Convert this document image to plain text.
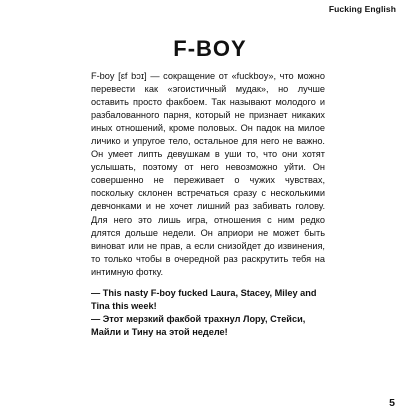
Fucking English
F-BOY

F-boy [ɛf bɔɪ] — сокращение от «fuckboy», что можно перевести как «эгоистичный мудак», но лучше оставить просто факбоем. Так называют молодого и разбалованного парня, который не признает никаких иных отношений, кроме половых. Он падок на милое личико и упругое тело, остальное для него не важно. Он умеет липть девушкам в уши то, что они хотят услышать, поэтому от него невозможно уйти. Он совершенно не переживает о чужих чувствах, поскольку склонен встречаться сразу с несколькими девчонками и не хочет лишний раз забивать голову. Для него это лишь игра, отношения с ним редко длятся дольше недели. Он априори не может быть виноват или не прав, а если снизойдет до извинения, то только чтобы в очередной раз раскрутить тебя на интимную фотку.

— This nasty F-boy fucked Laura, Stacey, Miley and Tina this week!

— Этот мерзкий факбой трахнул Лору, Стейси, Майли и Тину на этой неделе!

5
